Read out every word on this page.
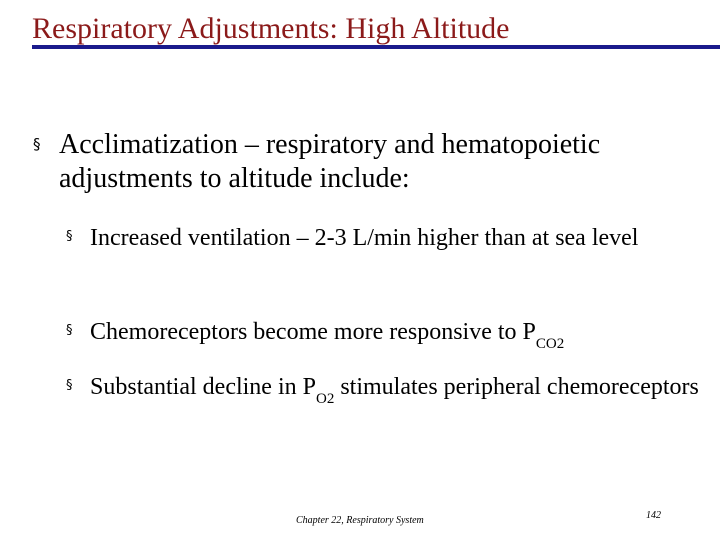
Respiratory Adjustments: High Altitude
§ Acclimatization – respiratory and hematopoietic adjustments to altitude include:
§ Increased ventilation – 2-3 L/min higher than at sea level
§ Chemoreceptors become more responsive to $P_{CO2}$
§ Substantial decline in $P_{O2}$ stimulates peripheral chemoreceptors
Chapter 22, Respiratory System	142
